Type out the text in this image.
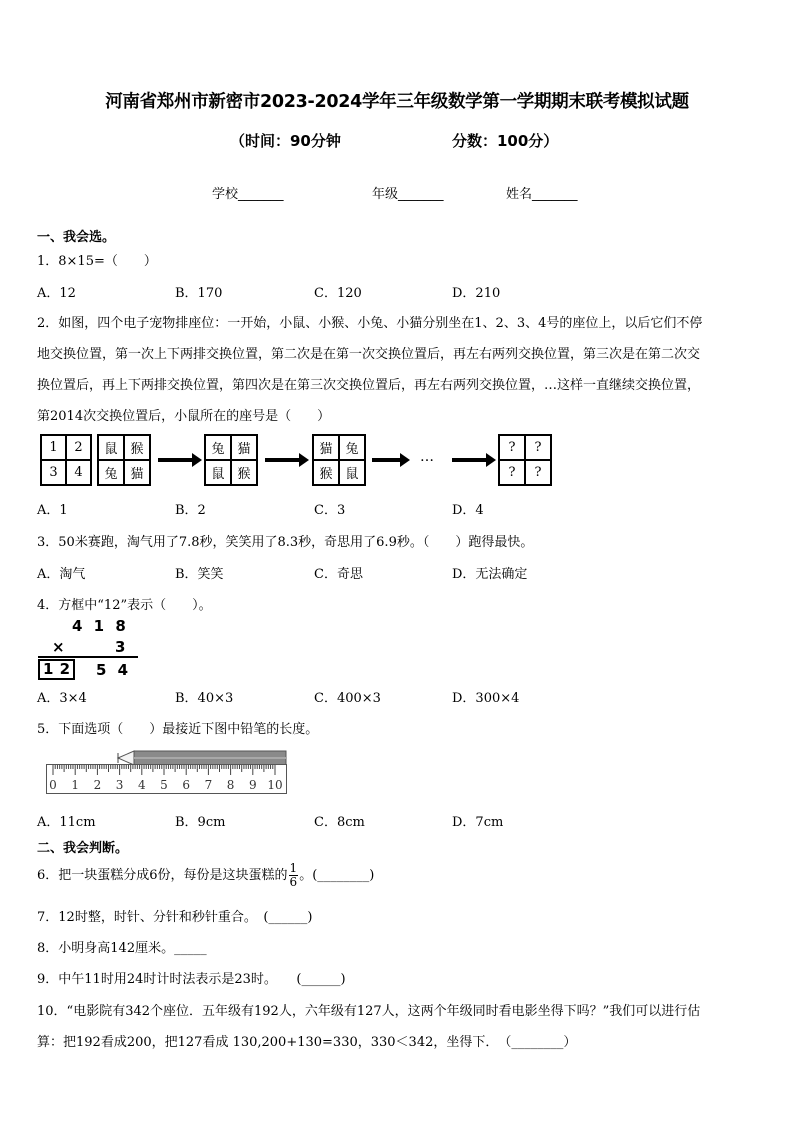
河南省郑州市新密市2023-2024学年三年级数学第一学期期末联考模拟试题
（时间：90分钟	分数：100分）
学校_______	年级_______	姓名_______
一、我会选。
1．8×15=（　　）
A．12	B．170	C．120	D．210
2．如图，四个电子宠物排座位：一开始，小鼠、小猴、小兔、小猫分别坐在1、2、3、4号的座位上，以后它们不停
地交换位置，第一次上下两排交换位置，第二次是在第一次交换位置后，再左右两列交换位置，第三次是在第二次交
换位置后，再上下两排交换位置，第四次是在第三次交换位置后，再左右两列交换位置，…这样一直继续交换位置，
第2014次交换位置后，小鼠所在的座号是（　　）
1	2
3	4
鼠 猴
兔 猫
兔 猫
鼠 猴
猫 兔
猴 鼠
…
?	?
?	?
A．1	B．2	C．3	D．4
3．50米赛跑，淘气用了7.8秒，笑笑用了8.3秒，奇思用了6.9秒。（　　）跑得最快。
A．淘气	B．笑笑	C．奇思	D．无法确定
4．方框中“12”表示（　　）。
4 1 8
×	3
1 2	5 4
A．3×4	B．40×3	C．400×3	D．300×4
5．下面选项（　　）最接近下图中铅笔的长度。
0 1 2 3 4 5 6 7 8 9 10
A．11cm	B．9cm	C．8cm	D．7cm
二、我会判断。
6．把一块蛋糕分成6份，每份是这块蛋糕的 $\frac{1}{6}$ 。(________)
7．12时整，时针、分针和秒针重合。　(______)
8．小明身高142厘米。_____
9．中午11时用24时计时法表示是23时。　　(______)
10．“电影院有342个座位．五年级有192人，六年级有127人，这两个年级同时看电影坐得下吗？”我们可以进行估
算：把192看成200，把127看成 130,200+130=330，330＜342，坐得下．　（________）
